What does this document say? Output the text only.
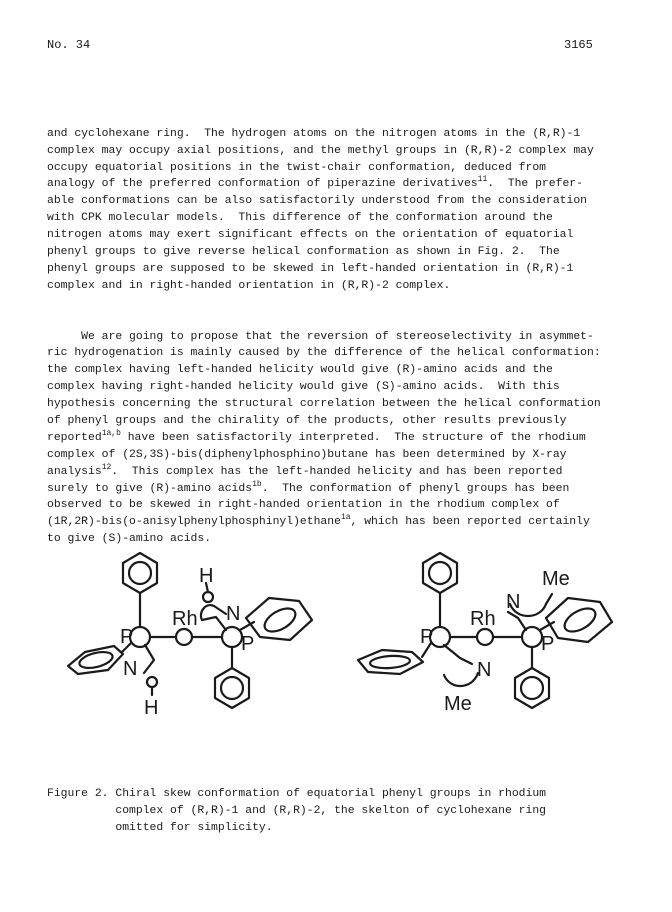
No. 34	3165

and cyclohexane ring.  The hydrogen atoms on the nitrogen atoms in the (R,R)-1
complex may occupy axial positions, and the methyl groups in (R,R)-2 complex may
occupy equatorial positions in the twist-chair conformation, deduced from
analogy of the preferred conformation of piperazine derivatives$^{11}$.  The prefer-
able conformations can be also satisfactorily understood from the consideration
with CPK molecular models.  This difference of the conformation around the
nitrogen atoms may exert significant effects on the orientation of equatorial
phenyl groups to give reverse helical conformation as shown in Fig. 2.  The
phenyl groups are supposed to be skewed in left-handed orientation in (R,R)-1
complex and in right-handed orientation in (R,R)-2 complex.

We are going to propose that the reversion of stereoselectivity in asymmet-
ric hydrogenation is mainly caused by the difference of the helical conformation:
the complex having left-handed helicity would give (R)-amino acids and the
complex having right-handed helicity would give (S)-amino acids.  With this
hypothesis concerning the structural correlation between the helical conformation
of phenyl groups and the chirality of the products, other results previously
reported$^{1a,b}$ have been satisfactorily interpreted.  The structure of the rhodium
complex of (2S,3S)-bis(diphenylphosphino)butane has been determined by X-ray
analysis$^{12}$.  This complex has the left-handed helicity and has been reported
surely to give (R)-amino acids$^{1b}$.  The conformation of phenyl groups has been
observed to be skewed in right-handed orientation in the rhodium complex of
(1R,2R)-bis(o-anisylphenylphosphinyl)ethane$^{1a}$, which has been reported certainly
to give (S)-amino acids.

H
N
Rh
P	P
N
H
Me
N
Rh
P	P
N
Me
Figure 2. Chiral skew conformation of equatorial phenyl groups in rhodium
complex of (R,R)-1 and (R,R)-2, the skelton of cyclohexane ring
omitted for simplicity.
